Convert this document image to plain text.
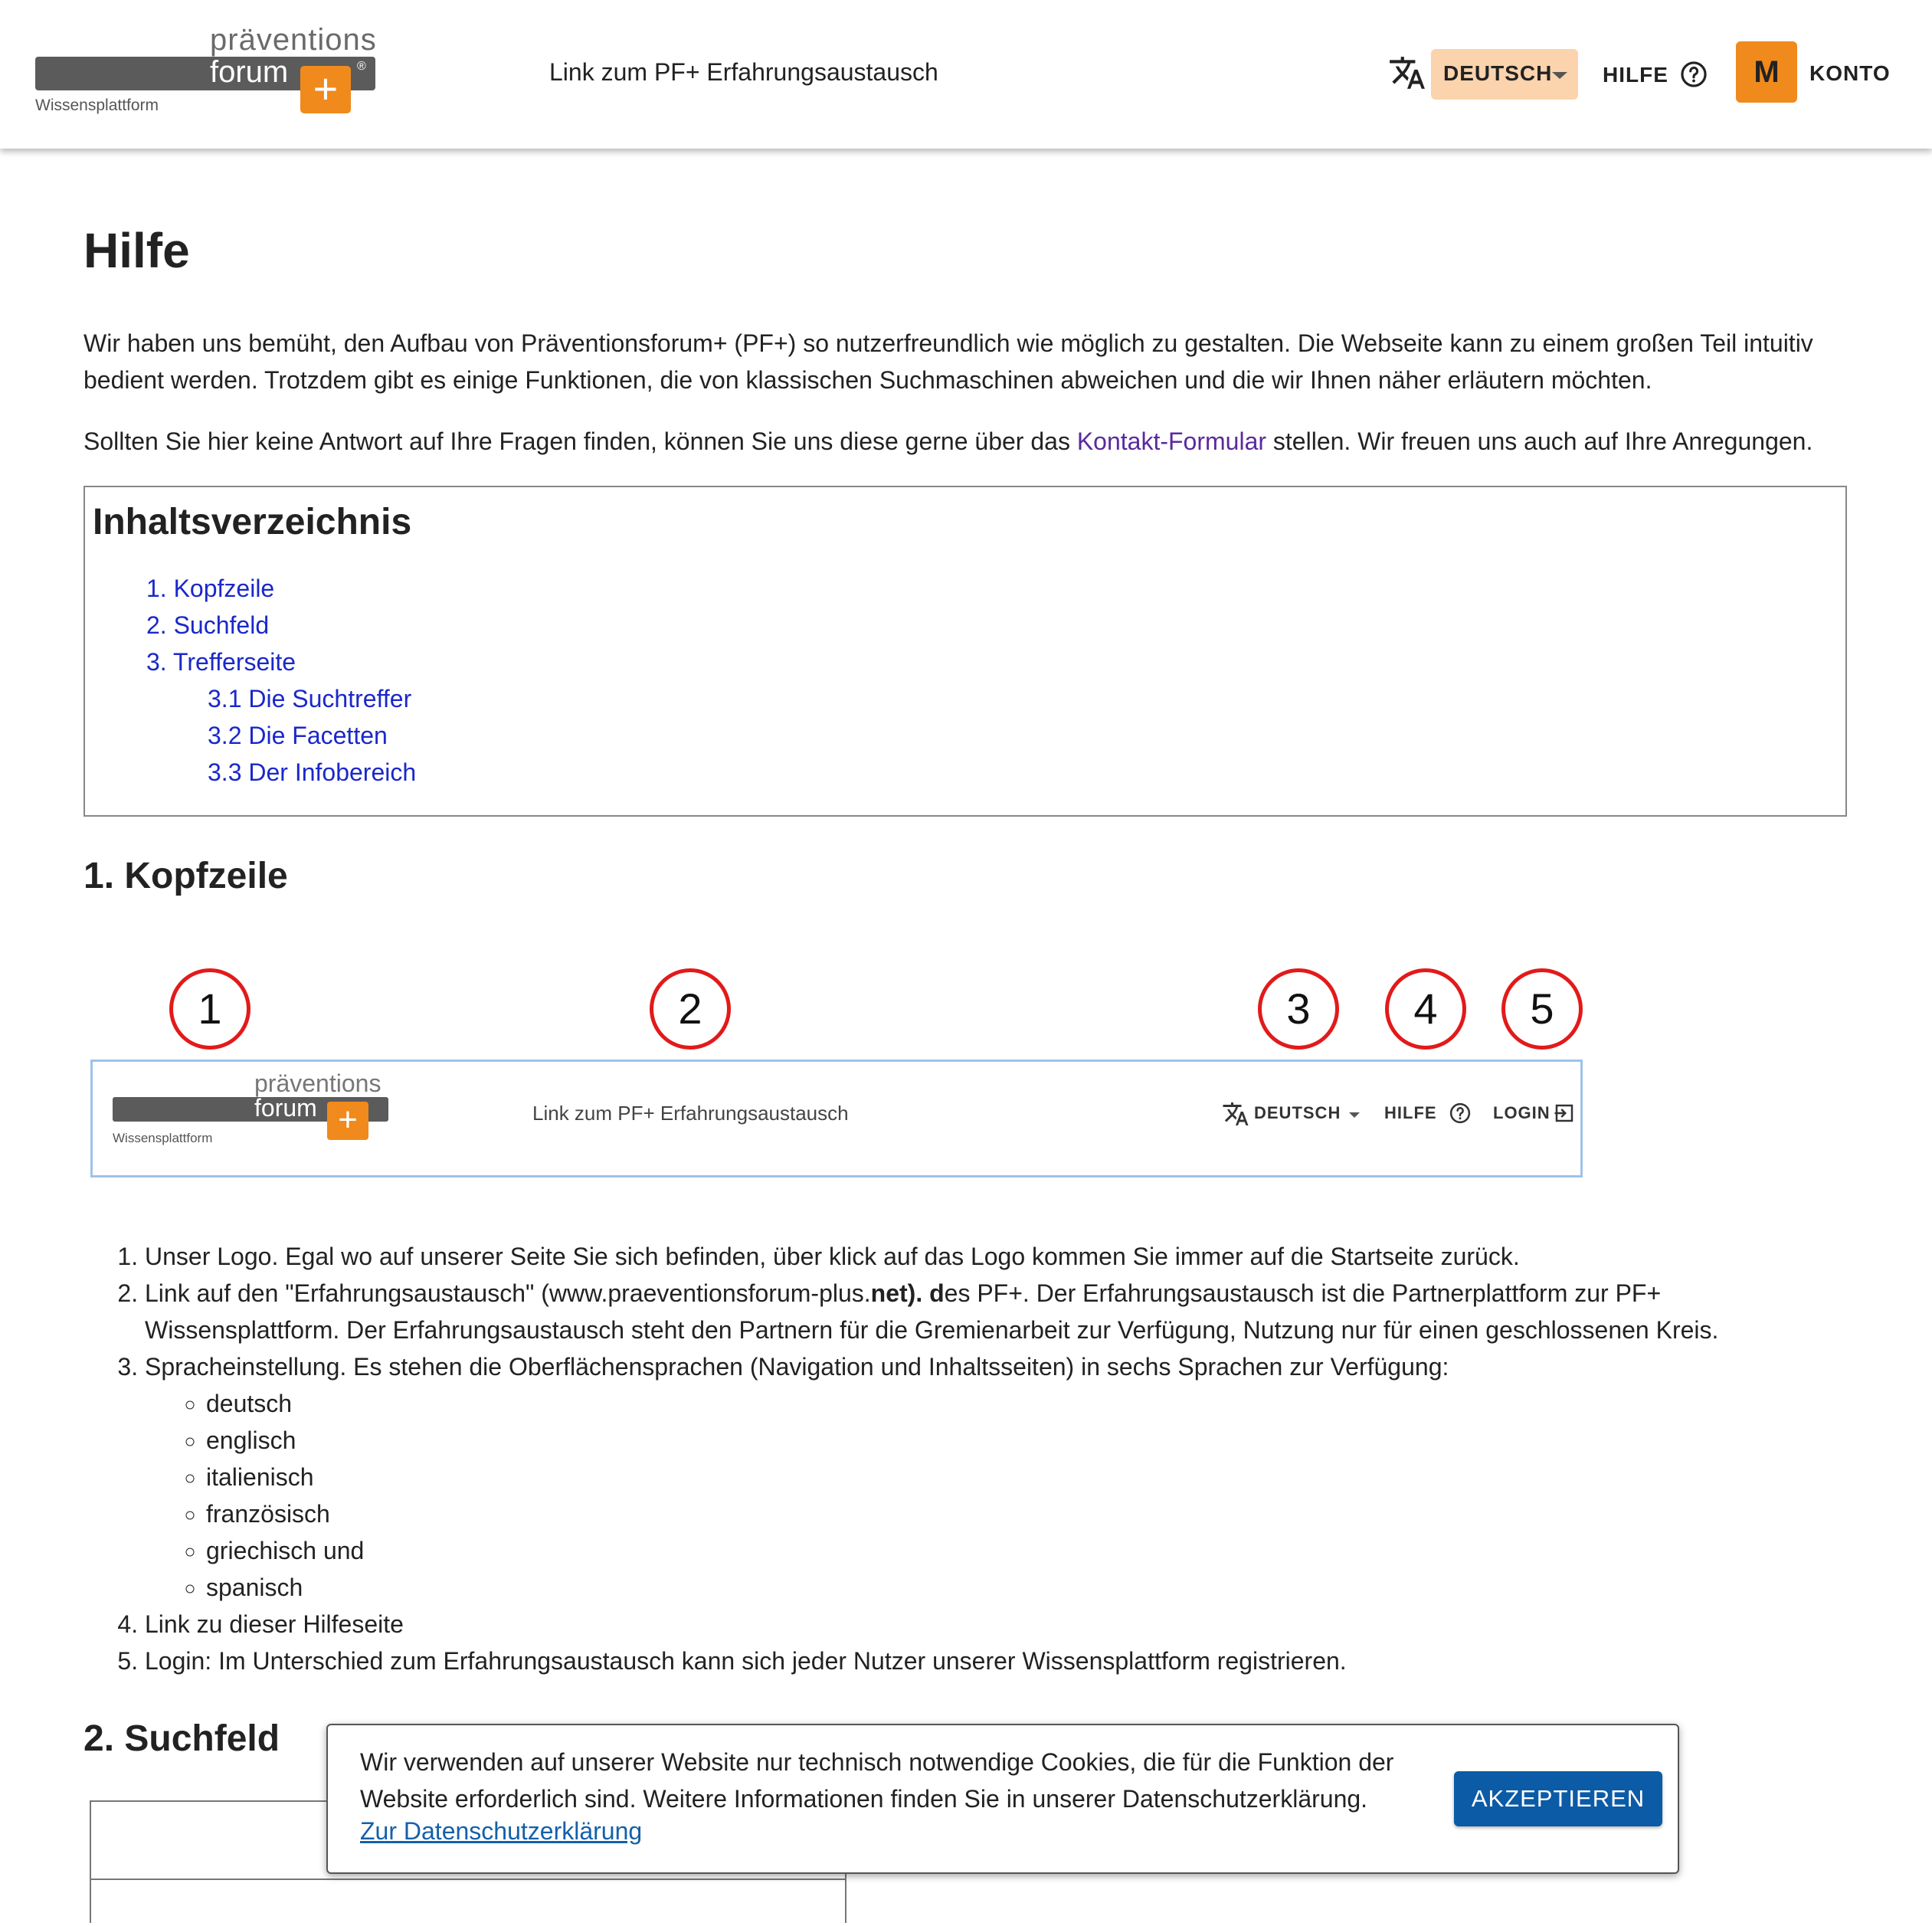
präventions
forum +	®
Wissensplattform
Link zum PF+ Erfahrungsaustausch	DEUTSCH HILFE	M	KONTO
Hilfe

Wir haben uns bemüht, den Aufbau von Präventionsforum+ (PF+) so nutzerfreundlich wie möglich zu gestalten. Die Webseite kann zu einem großen Teil intuitiv bedient werden. Trotzdem gibt es einige Funktionen, die von klassischen Suchmaschinen abweichen und die wir Ihnen näher erläutern möchten.

Sollten Sie hier keine Antwort auf Ihre Fragen finden, können Sie uns diese gerne über das Kontakt-Formular stellen. Wir freuen uns auch auf Ihre Anregungen.

Inhaltsverzeichnis
1. Kopfzeile
2. Suchfeld
3. Trefferseite
3.1 Die Suchtreffer
3.2 Die Facetten
3.3 Der Infobereich
1. Kopfzeile
1	2	3	4	5
präventions
forum +
Wissensplattform
Link zum PF+ Erfahrungsaustausch	DEUTSCH	HILFE	LOGIN
1. Unser Logo. Egal wo auf unserer Seite Sie sich befinden, über klick auf das Logo kommen Sie immer auf die Startseite zurück.
2. Link auf den "Erfahrungsaustausch" (www.praeventionsforum-plus.net). des PF+. Der Erfahrungsaustausch ist die Partnerplattform zur PF+ Wissensplattform. Der Erfahrungsaustausch steht den Partnern für die Gremienarbeit zur Verfügung, Nutzung nur für einen geschlossenen Kreis.
3. Spracheinstellung. Es stehen die Oberflächensprachen (Navigation und Inhaltsseiten) in sechs Sprachen zur Verfügung:
◦ deutsch
◦ englisch
◦ italienisch
◦ französisch
◦ griechisch und
◦ spanisch
4. Link zu dieser Hilfeseite
5. Login: Im Unterschied zum Erfahrungsaustausch kann sich jeder Nutzer unserer Wissensplattform registrieren.
2. Suchfeld
Wir verwenden auf unserer Website nur technisch notwendige Cookies, die für die Funktion der Website erforderlich sind. Weitere Informationen finden Sie in unserer Datenschutzerklärung.
Zur Datenschutzerklärung
AKZEPTIEREN
